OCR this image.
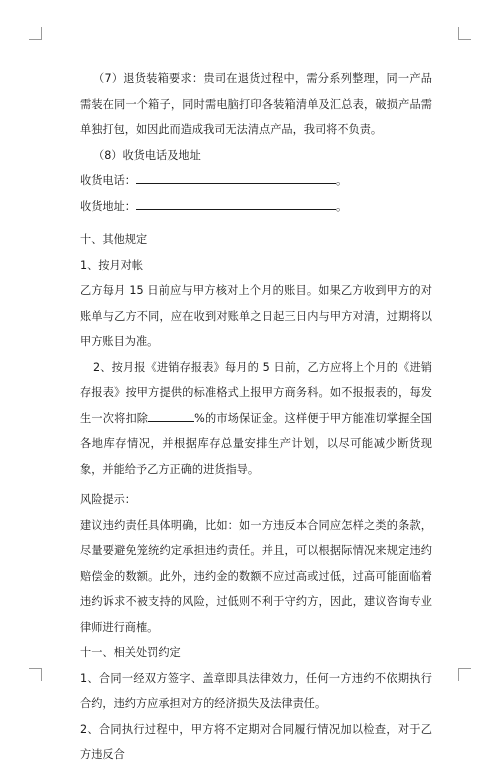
（7）退货装箱要求：贵司在退货过程中，需分系列整理，同一产品需装在同一个箱子，同时需电脑打印各装箱清单及汇总表，破损产品需单独打包，如因此而造成我司无法清点产品，我司将不负责。

（8）收货电话及地址

收货电话：	。

收货地址：	。

十、其他规定

1、按月对帐

乙方每月 15 日前应与甲方核对上个月的账目。如果乙方收到甲方的对账单与乙方不同，应在收到对账单之日起三日内与甲方对清，过期将以甲方账目为准。

2、按月报《进销存报表》每月的 5 日前，乙方应将上个月的《进销存报表》按甲方提供的标准格式上报甲方商务科。如不报报表的，每发生一次将扣除	%的市场保证金。这样便于甲方能准切掌握全国各地库存情况，并根据库存总量安排生产计划，以尽可能减少断货现象，并能给予乙方正确的进货指导。

风险提示：

建议违约责任具体明确，比如：如一方违反本合同应怎样之类的条款，尽量要避免笼统约定承担违约责任。并且，可以根据际情况来规定违约赔偿金的数额。此外，违约金的数额不应过高或过低，过高可能面临着违约诉求不被支持的风险，过低则不利于守约方，因此，建议咨询专业律师进行商榷。

十一、相关处罚约定

1、合同一经双方签字、盖章即具法律效力，任何一方违约不依期执行合约，违约方应承担对方的经济损失及法律责任。

2、合同执行过程中，甲方将不定期对合同履行情况加以检查，对于乙方违反合
